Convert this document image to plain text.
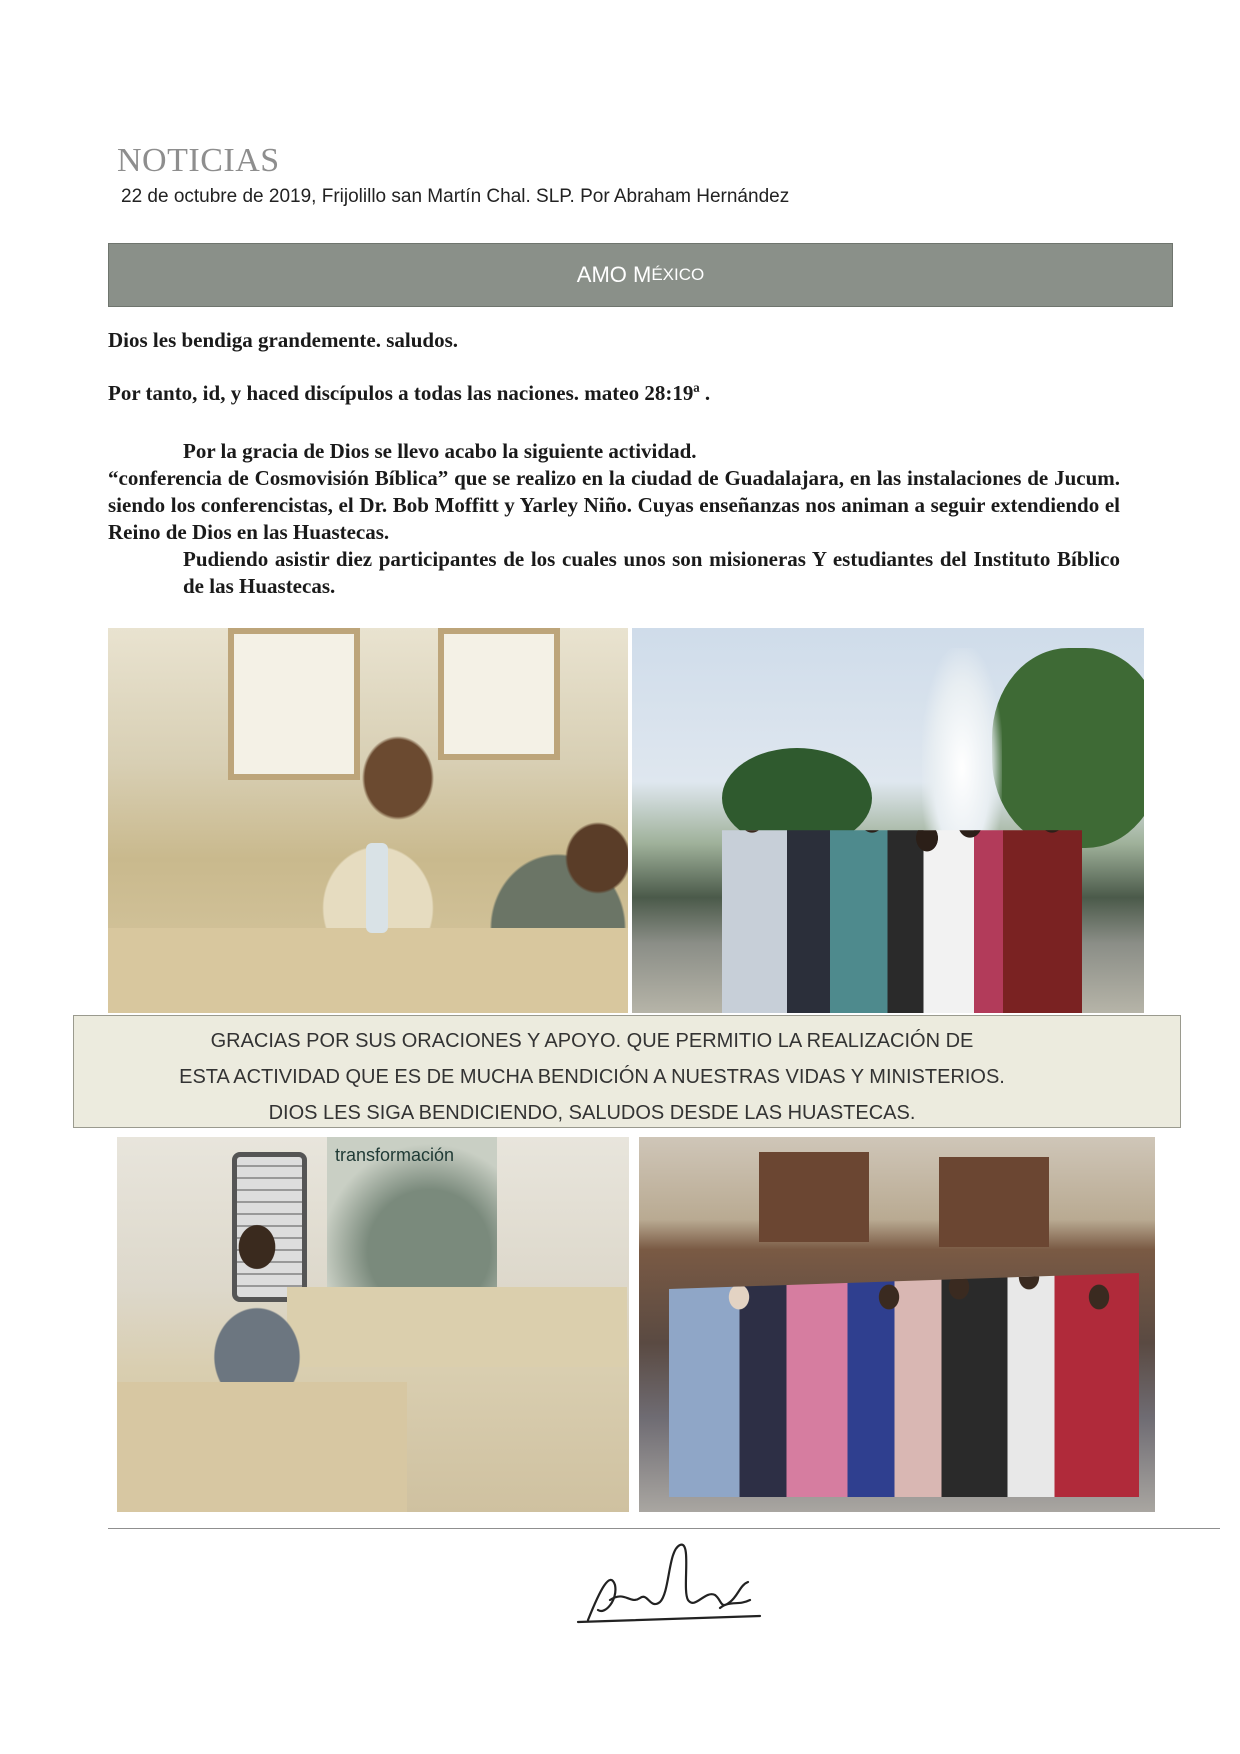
NOTICIAS
22 de octubre de 2019, Frijolillo san Martín Chal. SLP. Por Abraham Hernández
AMO M ÉXICO
Dios les bendiga grandemente. saludos.
Por tanto, id, y haced discípulos a todas las naciones. mateo 28:19ª .
Por la gracia de Dios se llevo acabo la siguiente actividad.
“conferencia de Cosmovisión Bíblica” que se realizo en la ciudad de Guadalajara, en las instalaciones de Jucum. siendo los conferencistas, el Dr. Bob Moffitt y Yarley Niño. Cuyas enseñanzas nos animan a seguir extendiendo el Reino de Dios en las Huastecas.
Pudiendo asistir diez participantes de los cuales unos son misioneras Y estudiantes del Instituto Bíblico de las Huastecas.
GRACIAS POR SUS ORACIONES Y APOYO. QUE PERMITIO LA REALIZACIÓN DE
ESTA ACTIVIDAD QUE ES DE MUCHA BENDICIÓN A NUESTRAS VIDAS Y MINISTERIOS.
DIOS LES SIGA BENDICIENDO, SALUDOS DESDE LAS HUASTECAS.
transformación
